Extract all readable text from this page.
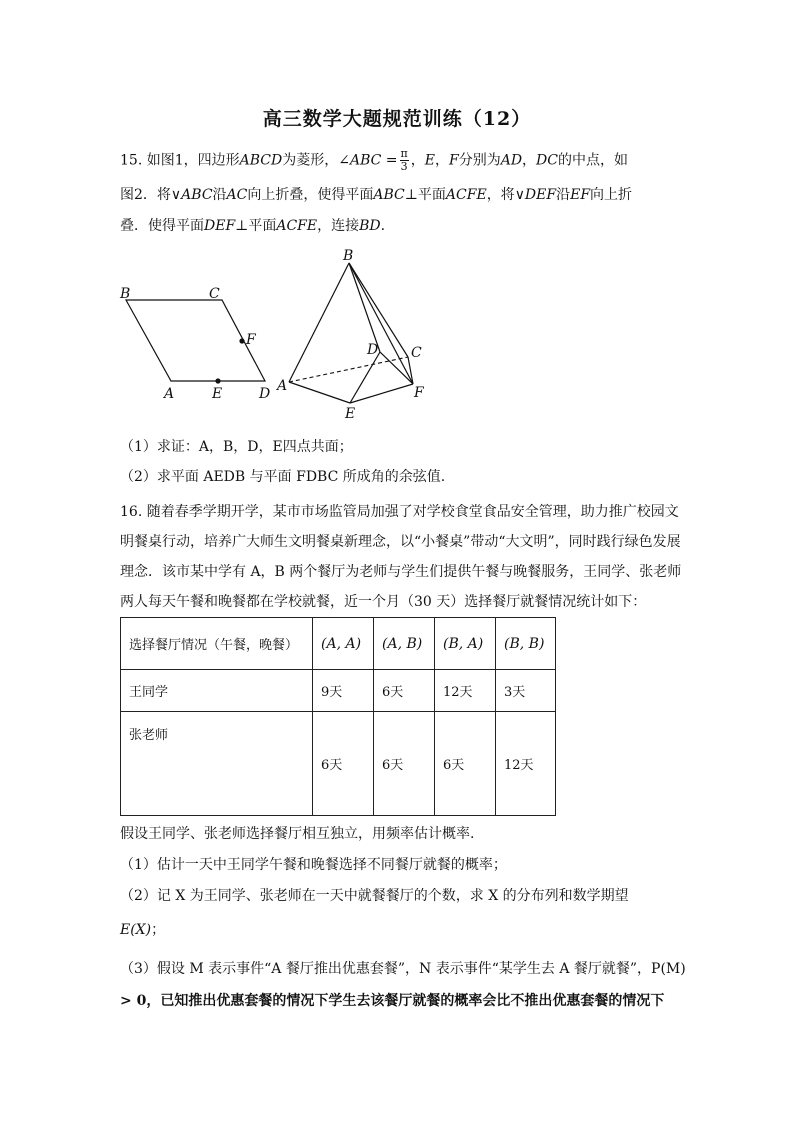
高三数学大题规范训练（12）
15. 如图1，四边形ABCD为菱形，∠ABC = $\frac{\pi}{3}$ ，E，F分别为AD，DC的中点，如
图2．将∨ABC沿AC向上折叠，使得平面ABC⊥平面ACFE，将∨DEF沿EF向上折
叠．使得平面DEF⊥平面ACFE，连接BD.
B	C
F
A	E	D
B
D C
A
E
F
（1）求证：A，B，D，E四点共面；
（2）求平面 AEDB 与平面 FDBC 所成角的余弦值.
16. 随着春季学期开学，某市市场监管局加强了对学校食堂食品安全管理，助力推广校园文
明餐桌行动，培养广大师生文明餐桌新理念，以“小餐桌”带动“大文明”，同时践行绿色发展
理念．该市某中学有 A，B 两个餐厅为老师与学生们提供午餐与晚餐服务，王同学、张老师
两人每天午餐和晚餐都在学校就餐，近一个月（30 天）选择餐厅就餐情况统计如下：
选择餐厅情况（午餐，晚餐）	(A, A)	(A, B)	(B, A)	(B, B)
王同学	9天	6天	12天	3天
张老师	6天	6天	6天	12天
假设王同学、张老师选择餐厅相互独立，用频率估计概率.
（1）估计一天中王同学午餐和晚餐选择不同餐厅就餐的概率；
（2）记 X 为王同学、张老师在一天中就餐餐厅的个数，求 X 的分布列和数学期望
E(X)；
（3）假设 M 表示事件“A 餐厅推出优惠套餐”，N 表示事件“某学生去 A 餐厅就餐”，P(M)
> 0，已知推出优惠套餐的情况下学生去该餐厅就餐的概率会比不推出优惠套餐的情况下
